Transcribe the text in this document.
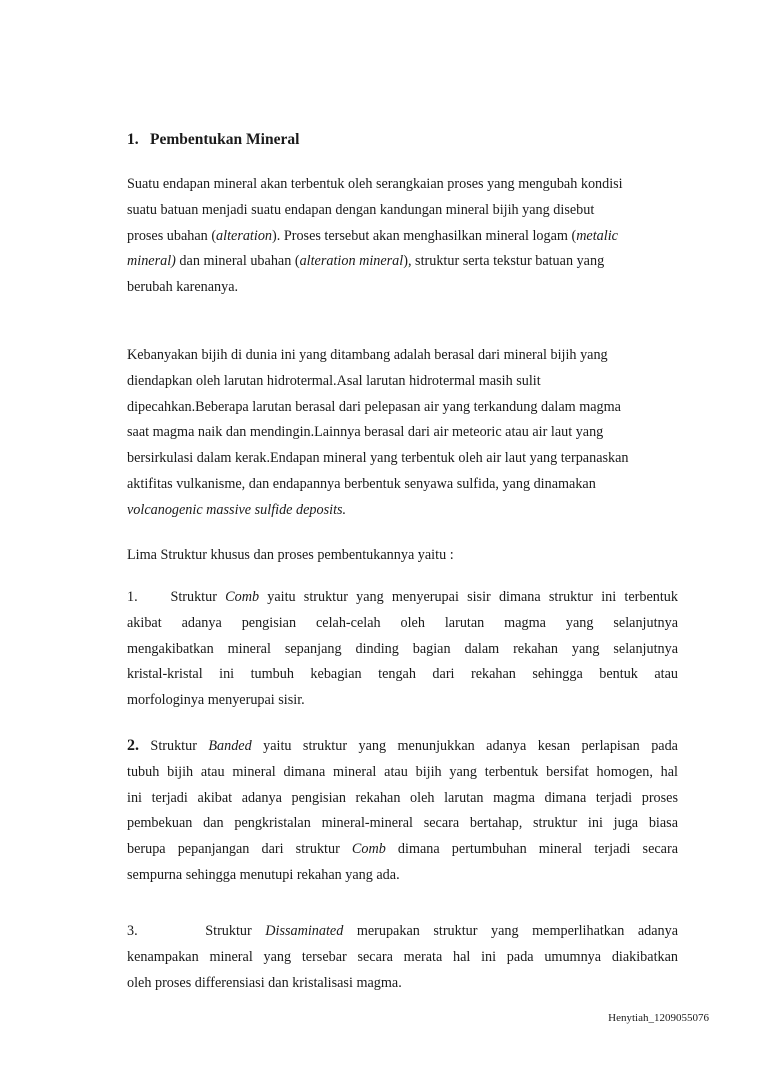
1. Pembentukan Mineral
Suatu endapan mineral akan terbentuk oleh serangkaian proses yang mengubah kondisi
suatu batuan menjadi suatu endapan dengan kandungan mineral bijih yang disebut
proses ubahan (alteration). Proses tersebut akan menghasilkan mineral logam (metalic
mineral) dan mineral ubahan (alteration mineral), struktur serta tekstur batuan yang
berubah karenanya.
Kebanyakan bijih di dunia ini yang ditambang adalah berasal dari mineral bijih yang
diendapkan oleh larutan hidrotermal.Asal larutan hidrotermal masih sulit
dipecahkan.Beberapa larutan berasal dari pelepasan air yang terkandung dalam magma
saat magma naik dan mendingin.Lainnya berasal dari air meteoric atau air laut yang
bersirkulasi dalam kerak.Endapan mineral yang terbentuk oleh air laut yang terpanaskan
aktifitas vulkanisme, dan endapannya berbentuk senyawa sulfida, yang dinamakan
volcanogenic massive sulfide deposits.
Lima Struktur khusus dan proses pembentukannya yaitu :
1. Struktur Comb yaitu struktur yang menyerupai sisir dimana struktur ini terbentuk
akibat adanya pengisian celah-celah oleh larutan magma yang selanjutnya
mengakibatkan mineral sepanjang dinding bagian dalam rekahan yang selanjutnya
kristal-kristal ini tumbuh kebagian tengah dari rekahan sehingga bentuk atau
morfologinya menyerupai sisir.
2. Struktur Banded yaitu struktur yang menunjukkan adanya kesan perlapisan pada
tubuh bijih atau mineral dimana mineral atau bijih yang terbentuk bersifat homogen, hal
ini terjadi akibat adanya pengisian rekahan oleh larutan magma dimana terjadi proses
pembekuan dan pengkristalan mineral-mineral secara bertahap, struktur ini juga biasa
berupa pepanjangan dari struktur Comb dimana pertumbuhan mineral terjadi secara
sempurna sehingga menutupi rekahan yang ada.
3.	Struktur Dissaminated merupakan struktur yang memperlihatkan adanya
kenampakan mineral yang tersebar secara merata hal ini pada umumnya diakibatkan
oleh proses differensiasi dan kristalisasi magma.
Henytiah_1209055076
